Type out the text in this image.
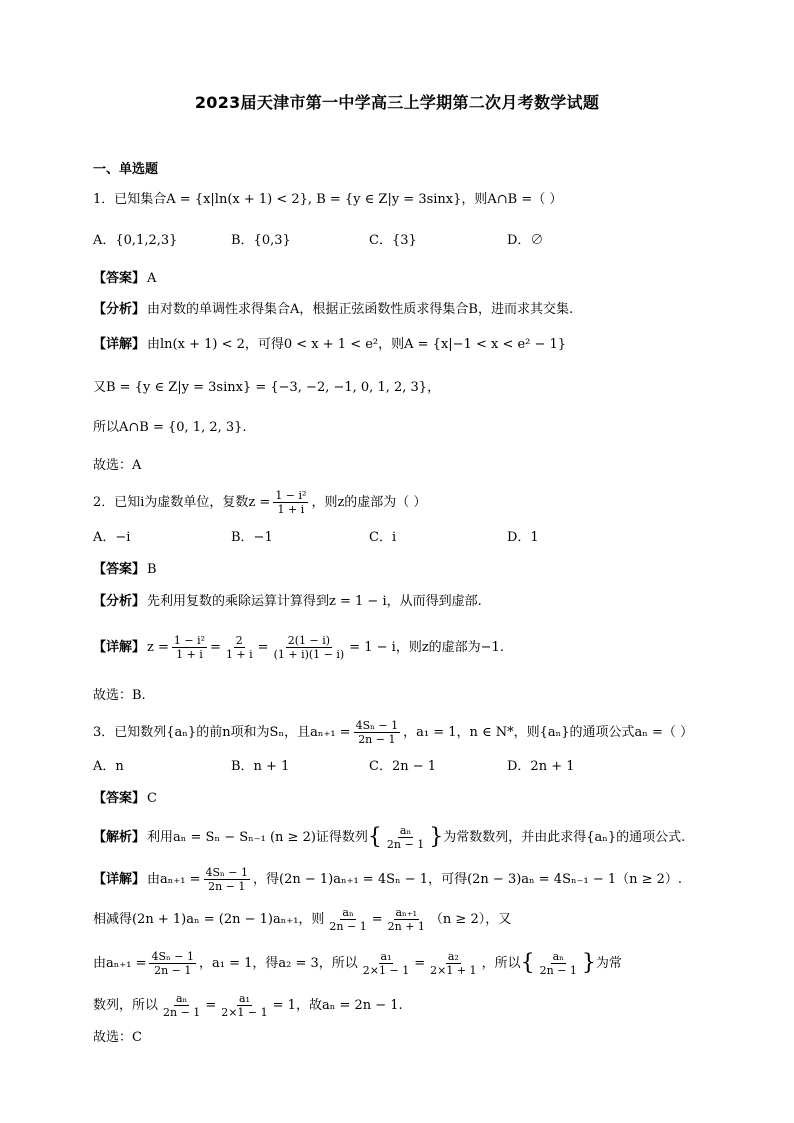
2023届天津市第一中学高三上学期第二次月考数学试题
一、单选题
1．已知集合A = {x|ln(x + 1) < 2}, B = {y ∈ Z|y = 3sinx}，则A∩B =（ ）
A．{0,1,2,3}	B．{0,3}	C．{3}	D．∅
【答案】 A
【分析】 由对数的单调性求得集合A，根据正弦函数性质求得集合B，进而求其交集.
【详解】 由ln(x + 1) < 2，可得0 < x + 1 < e²，则A = {x|−1 < x < e² − 1}
又B = {y ∈ Z|y = 3sinx} = {−3, −2, −1, 0, 1, 2, 3}，
所以A∩B = {0, 1, 2, 3}.
故选：A
2．已知i为虚数单位，复数$z = \frac{\text{1 − i²}}{1 + i}$ ，则z的虚部为（ ）
A．−i	B．−1	C．i	D．1
【答案】 B
【分析】 先利用复数的乘除运算计算得到z = 1 − i，从而得到虚部.
【详解】 $z = \frac{\text{1 − i²}}{1 + i} = \frac{2}{1 + i} = \frac{2(1 - i)}{(1 + i)(1 - i)} = 1 - i$，则z的虚部为−1.
故选：B.
3．已知数列{aₙ}的前n项和为Sₙ，且$a_{n+1} = \frac{\text{4Sₙ − 1}}{2n - 1}$ ，a₁ = 1，n ∈ N*，则{aₙ}的通项公式aₙ =（ ）
A．n	B．n + 1	C．2n − 1	D．2n + 1
【答案】 C
【解析】 利用aₙ = Sₙ − Sₙ₋₁ (n ≥ 2)证得数列{ $\frac{\text{aₙ}}{2n - 1}$ }为常数数列，并由此求得{aₙ}的通项公式.
【详解】 由$a_{n+1} = \frac{\text{4Sₙ − 1}}{2n - 1}$ ，得(2n − 1)aₙ₊₁ = 4Sₙ − 1，可得(2n − 3)aₙ = 4Sₙ₋₁ − 1（n ≥ 2）.
相减得(2n + 1)aₙ = (2n − 1)aₙ₊₁，则 $\frac{\text{aₙ}}{2n - 1} = \frac{\text{aₙ₊₁}}{2n + 1} (n \ge 2)$，又
由$a_{n+1} = \frac{\text{4Sₙ − 1}}{2n - 1}$ ，a₁ = 1，得a₂ = 3，所以 $\frac{\text{a₁}}{2\times 1 - 1} = \frac{\text{a₂}}{2\times 1 + 1}$ ，所以{ $\frac{\text{aₙ}}{2n - 1}$ }为常
数列，所以 $\frac{\text{aₙ}}{2n - 1} = \frac{\text{a₁}}{2\times 1 - 1} = 1$，故aₙ = 2n − 1.
故选：C
